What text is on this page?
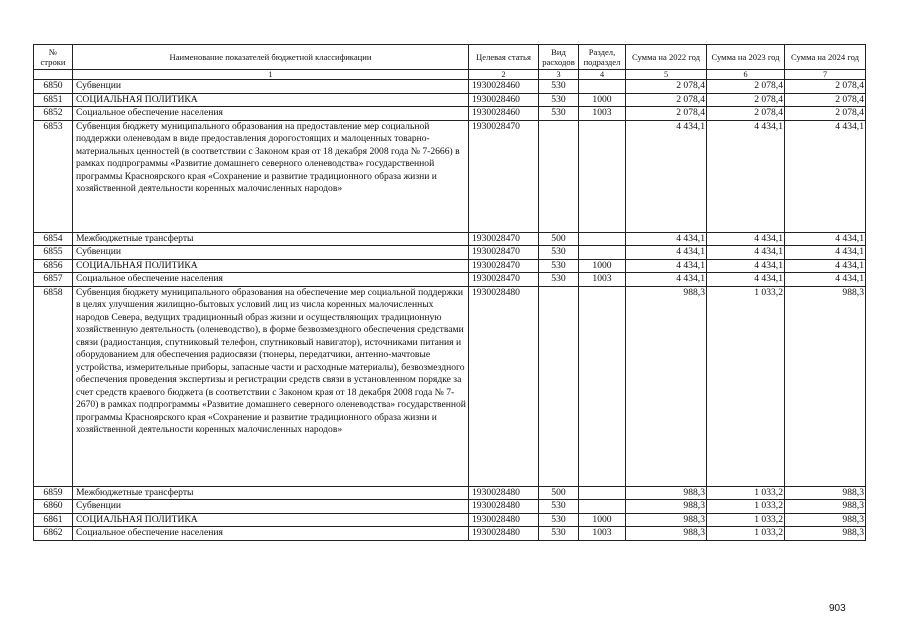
№ строки	Наименование показателей бюджетной классификации	Целевая статья	Вид расходов	Раздел, подраздел	Сумма на 2022 год	Сумма на 2023 год	Сумма на 2024 год
	1	2	3	4	5	6	7
6850	Субвенции	1930028460	530		2 078,4	2 078,4	2 078,4
6851	СОЦИАЛЬНАЯ ПОЛИТИКА	1930028460	530	1000	2 078,4	2 078,4	2 078,4
6852	Социальное обеспечение населения	1930028460	530	1003	2 078,4	2 078,4	2 078,4
6853	Субвенция бюджету муниципального образования на предоставление мер социальной поддержки оленеводам в виде предоставления дорогостоящих и малоценных товарно-материальных ценностей (в соответствии с Законом края от 18 декабря 2008 года № 7-2666) в рамках подпрограммы «Развитие домашнего северного оленеводства» государственной программы Красноярского края «Сохранение и развитие традиционного образа жизни и хозяйственной деятельности коренных малочисленных народов»	1930028470			4 434,1	4 434,1	4 434,1
6854	Межбюджетные трансферты	1930028470	500		4 434,1	4 434,1	4 434,1
6855	Субвенции	1930028470	530		4 434,1	4 434,1	4 434,1
6856	СОЦИАЛЬНАЯ ПОЛИТИКА	1930028470	530	1000	4 434,1	4 434,1	4 434,1
6857	Социальное обеспечение населения	1930028470	530	1003	4 434,1	4 434,1	4 434,1
6858	Субвенция бюджету муниципального образования на обеспечение мер социальной поддержки в целях улучшения жилищно-бытовых условий лиц из числа коренных малочисленных народов Севера, ведущих традиционный образ жизни и осуществляющих традиционную хозяйственную деятельность (оленеводство), в форме безвозмездного обеспечения средствами связи (радиостанция, спутниковый телефон, спутниковый навигатор), источниками питания и оборудованием для обеспечения радиосвязи (тюнеры, передатчики, антенно-мачтовые устройства, измерительные приборы, запасные части и расходные материалы), безвозмездного обеспечения проведения экспертизы и регистрации средств связи в установленном порядке за счет средств краевого бюджета (в соответствии с Законом края от 18 декабря 2008 года № 7-2670) в рамках подпрограммы «Развитие домашнего северного оленеводства» государственной программы Красноярского края «Сохранение и развитие традиционного образа жизни и хозяйственной деятельности коренных малочисленных народов»	1930028480			988,3	1 033,2	988,3
6859	Межбюджетные трансферты	1930028480	500		988,3	1 033,2	988,3
6860	Субвенции	1930028480	530		988,3	1 033,2	988,3
6861	СОЦИАЛЬНАЯ ПОЛИТИКА	1930028480	530	1000	988,3	1 033,2	988,3
6862	Социальное обеспечение населения	1930028480	530	1003	988,3	1 033,2	988,3
903
